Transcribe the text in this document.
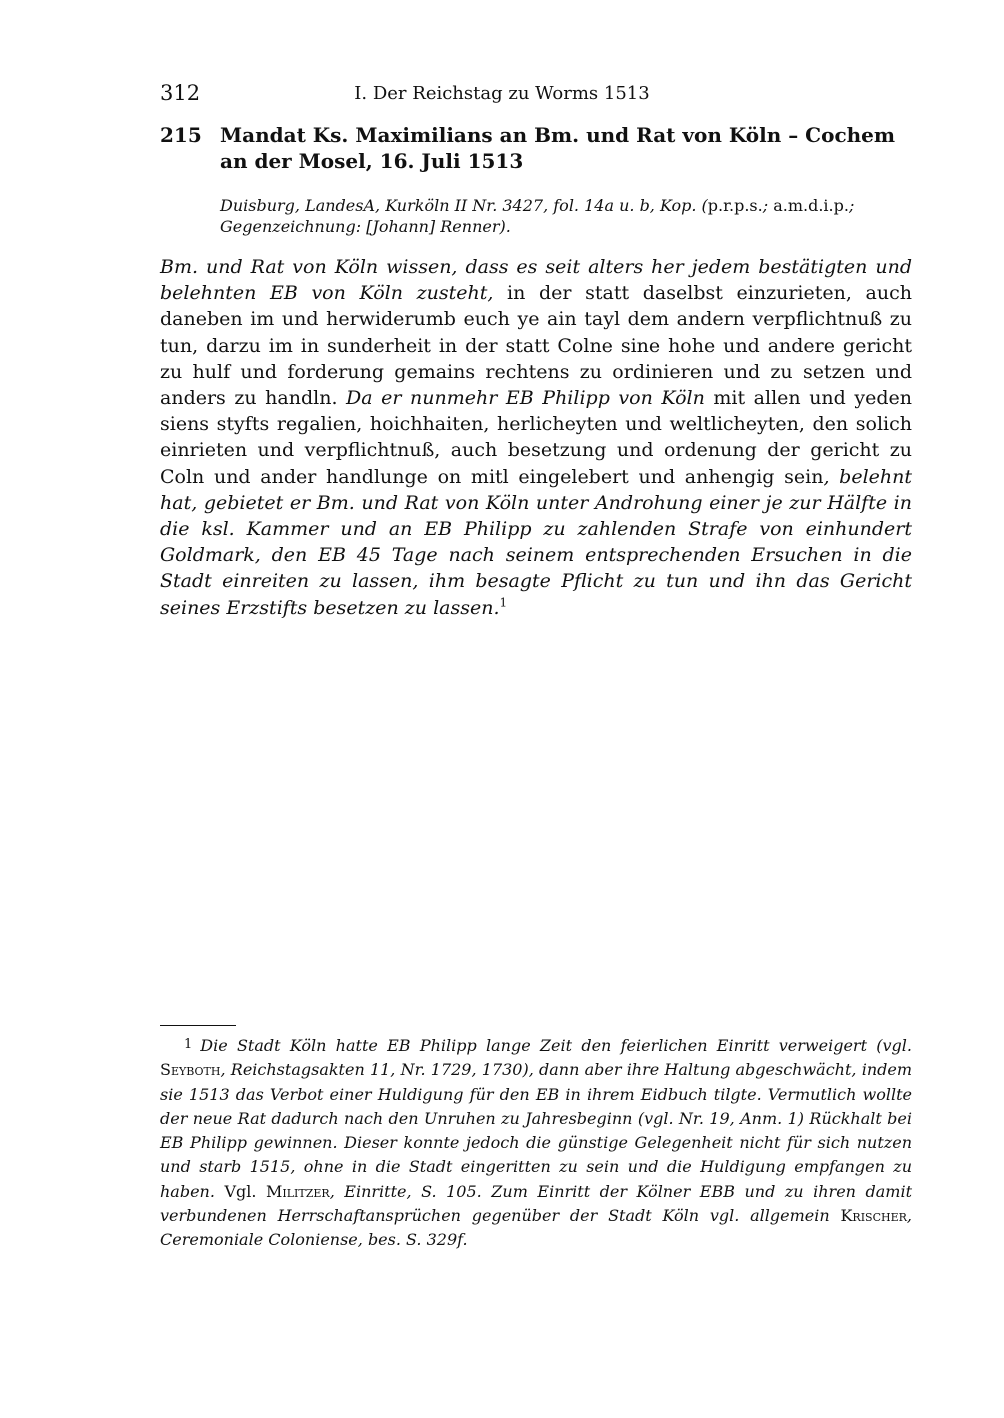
312	I. Der Reichstag zu Worms 1513
215 Mandat Ks. Maximilians an Bm. und Rat von Köln – Cochem an der Mosel, 16. Juli 1513
Duisburg, LandesA, Kurköln II Nr. 3427, fol. 14a u. b, Kop. (p.r.p.s.; a.m.d.i.p.; Gegenzeichnung: [Johann] Renner).
Bm. und Rat von Köln wissen, dass es seit alters her jedem bestätigten und belehnten EB von Köln zusteht, in der statt daselbst einzurieten, auch daneben im und herwiderumb euch ye ain tayl dem andern verpflichtnuß zu tun, darzu im in sunderheit in der statt Colne sine hohe und andere gericht zu hulf und forderung gemains rechtens zu ordinieren und zu setzen und anders zu handln. Da er nunmehr EB Philipp von Köln mit allen und yeden siens styfts regalien, hoichhaiten, herlicheyten und weltlicheyten, den solich einrieten und verpflichtnuß, auch besetzung und ordenung der gericht zu Coln und ander handlunge on mitl eingelebert und anhengig sein, belehnt hat, gebietet er Bm. und Rat von Köln unter Androhung einer je zur Hälfte in die ksl. Kammer und an EB Philipp zu zahlenden Strafe von einhundert Goldmark, den EB 45 Tage nach seinem entsprechenden Ersuchen in die Stadt einreiten zu lassen, ihm besagte Pflicht zu tun und ihn das Gericht seines Erzstifts besetzen zu lassen.$^1$
1 Die Stadt Köln hatte EB Philipp lange Zeit den feierlichen Einritt verweigert (vgl. Seyboth, Reichstagsakten 11, Nr. 1729, 1730), dann aber ihre Haltung abgeschwächt, indem sie 1513 das Verbot einer Huldigung für den EB in ihrem Eidbuch tilgte. Vermutlich wollte der neue Rat dadurch nach den Unruhen zu Jahresbeginn (vgl. Nr. 19, Anm. 1) Rückhalt bei EB Philipp gewinnen. Dieser konnte jedoch die günstige Gelegenheit nicht für sich nutzen und starb 1515, ohne in die Stadt eingeritten zu sein und die Huldigung empfangen zu haben. Vgl. Militzer, Einritte, S. 105. Zum Einritt der Kölner EBB und zu ihren damit verbundenen Herrschaftansprüchen gegenüber der Stadt Köln vgl. allgemein Krischer, Ceremoniale Coloniense, bes. S. 329f.
